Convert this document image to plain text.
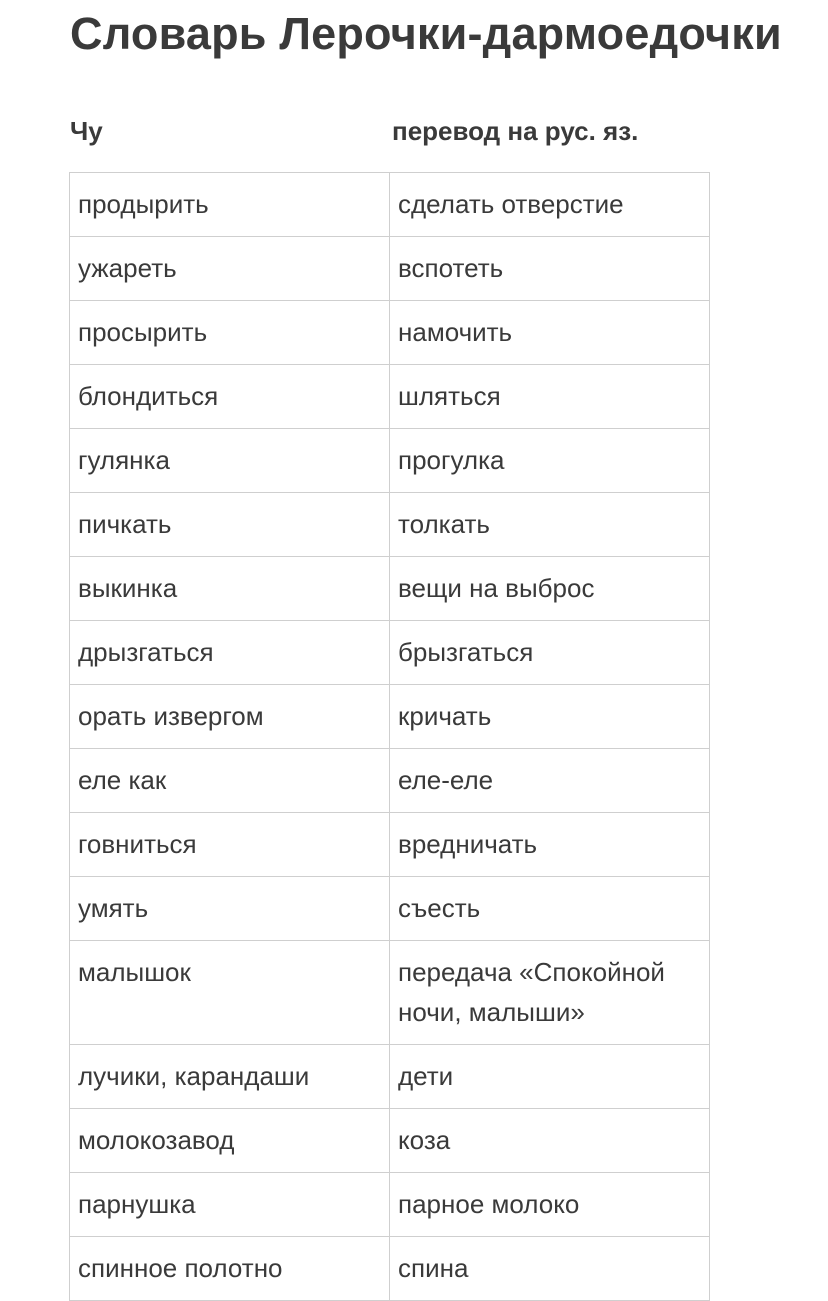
Словарь Лерочки-дармоедочки
Чу	перевод на рус. яз.
продырить	сделать отверстие
ужареть	вспотеть
просырить	намочить
блондиться	шляться
гулянка	прогулка
пичкать	толкать
выкинка	вещи на выброс
дрызгаться	брызгаться
орать извергом	кричать
еле как	еле-еле
говниться	вредничать
умять	съесть
малышок	передача «Спокойной ночи, малыши»
лучики, карандаши	дети
молокозавод	коза
парнушка	парное молоко
спинное полотно	спина
